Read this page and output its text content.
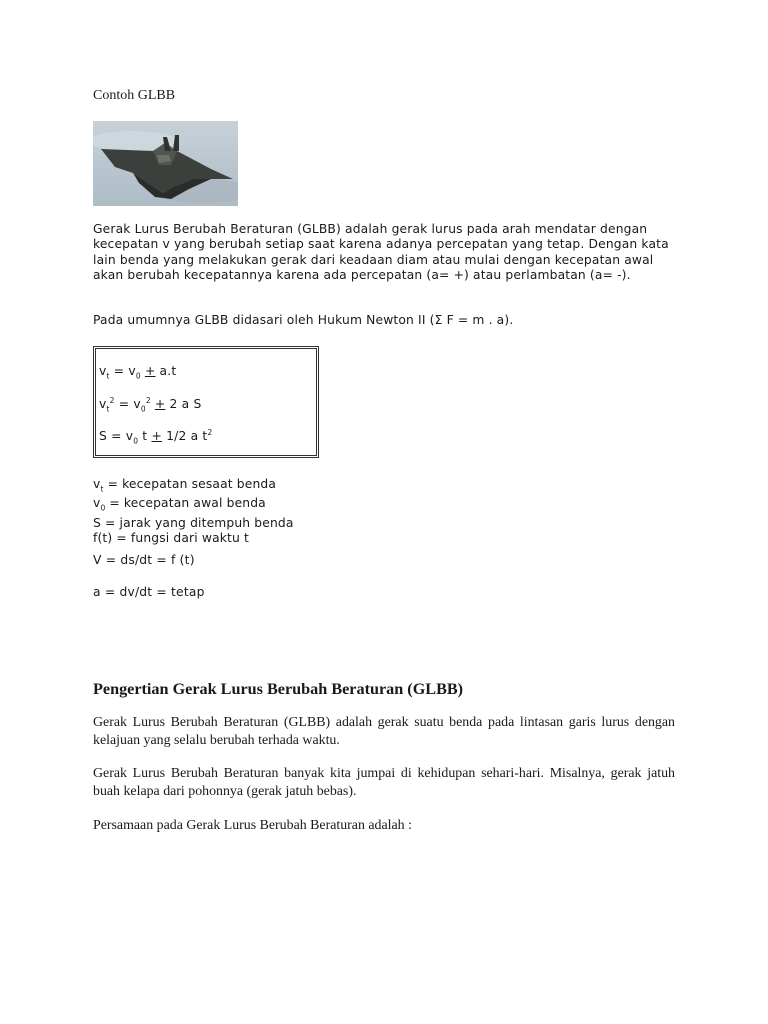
Contoh GLBB
Gerak Lurus Berubah Beraturan (GLBB) adalah gerak lurus pada arah mendatar dengan kecepatan v yang berubah setiap saat karena adanya percepatan yang tetap. Dengan kata lain benda yang melakukan gerak dari keadaan diam atau mulai dengan kecepatan awal akan berubah kecepatannya karena ada percepatan (a= +) atau perlambatan (a= -).
Pada umumnya GLBB didasari oleh Hukum Newton II (Σ F = m . a).
$v_t = v_0 + a.t$
$v_t^2 = v_0^2 + 2$ a S
$S = v_0$ t + 1/2 a $t^2$
$v_t$ = kecepatan sesaat benda
$v_0$ = kecepatan awal benda
S = jarak yang ditempuh benda
f(t) = fungsi dari waktu t
V = ds/dt = f (t)
a = dv/dt = tetap
Pengertian Gerak Lurus Berubah Beraturan (GLBB)
Gerak Lurus Berubah Beraturan (GLBB) adalah gerak suatu benda pada lintasan garis lurus dengan kelajuan yang selalu berubah terhada waktu.
Gerak Lurus Berubah Beraturan banyak kita jumpai di kehidupan sehari-hari. Misalnya, gerak jatuh buah kelapa dari pohonnya (gerak jatuh bebas).
Persamaan pada Gerak Lurus Berubah Beraturan adalah :
